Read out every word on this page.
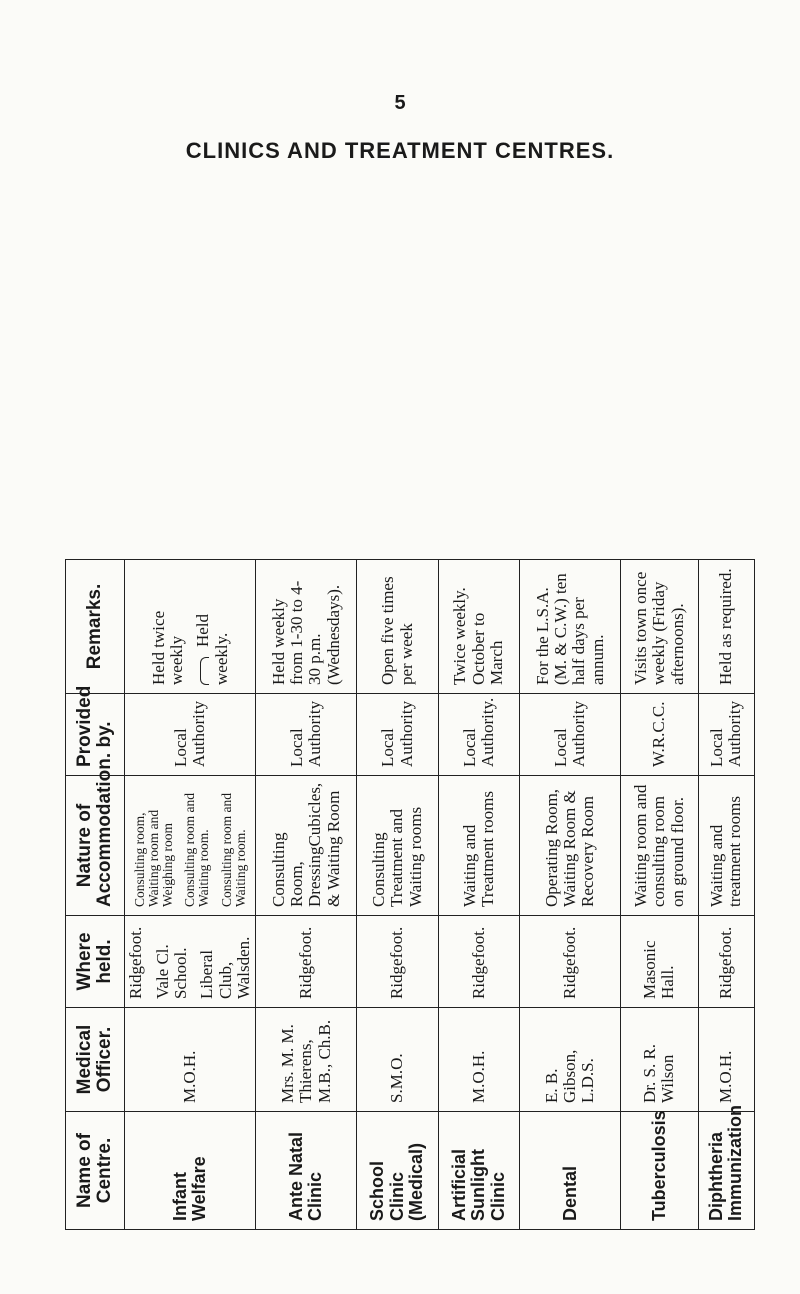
5
CLINICS AND TREATMENT CENTRES.
Name of Centre.	Medical Officer.	Where held.	Nature of Accommodation.	Provided by.	Remarks.
Infant Welfare	M.O.H.	Ridgefoot. Vale Cl. School. Liberal Club, Walsden.	Consulting room, Waiting room and Weighing room Consulting room and Waiting room. Consulting room and Waiting room.	Local Authority	Held twice weekly
Held weekly.

Ante Natal Clinic	Mrs. M. M. Thierens, M.B., Ch.B.	Ridgefoot.	Consulting Room, DressingCubicles, & Waiting Room	Local Authority	Held weekly from 1-30 to 4-30 p.m. (Wednesdays).
School Clinic (Medical)	S.M.O.	Ridgefoot.	Consulting Treatment and Waiting rooms	Local Authority	Open five times per week
Artificial Sunlight Clinic	M.O.H.	Ridgefoot.	Waiting and Treatment rooms	Local Authority.	Twice weekly. October to March
Dental	E. B. Gibson, L.D.S.	Ridgefoot.	Operating Room, Waiting Room & Recovery Room	Local Authority	For the L.S.A. (M. & C.W.) ten half days per annum.
Tuberculosis	Dr. S. R. Wilson	Masonic Hall.	Waiting room and consulting room on ground floor.	W.R.C.C.	Visits town once weekly (Friday afternoons).
Diphtheria Immunization	M.O.H.	Ridgefoot.	Waiting and treatment rooms	Local Authority	Held as required.
